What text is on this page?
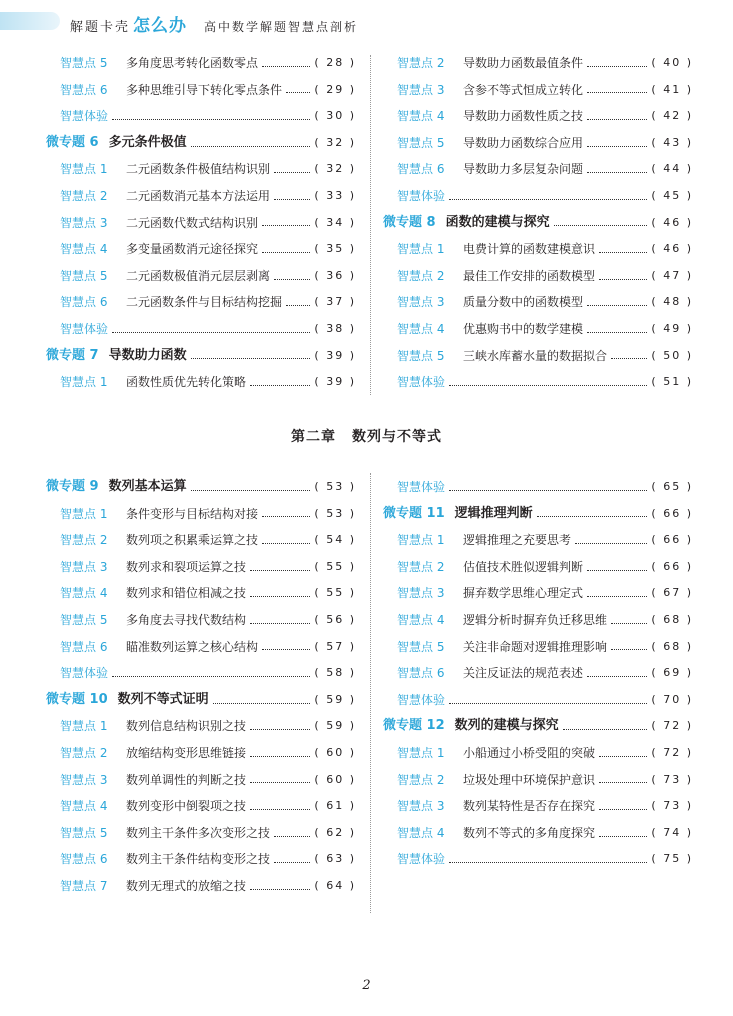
解题卡壳 怎么办 高中数学解题智慧点剖析
智慧点 5	多角度思考转化函数零点	( 28 )
智慧点 6	多种思维引导下转化零点条件	( 29 )
智慧体验	( 30 )
微专题 6 多元条件极值	( 32 )
智慧点 1	二元函数条件极值结构识别	( 32 )
智慧点 2	二元函数消元基本方法运用	( 33 )
智慧点 3	二元函数代数式结构识别	( 34 )
智慧点 4	多变量函数消元途径探究	( 35 )
智慧点 5	二元函数极值消元层层剥离	( 36 )
智慧点 6	二元函数条件与目标结构挖掘	( 37 )
智慧体验	( 38 )
微专题 7 导数助力函数	( 39 )
智慧点 1	函数性质优先转化策略	( 39 )
智慧点 2	导数助力函数最值条件	( 40 )
智慧点 3	含参不等式恒成立转化	( 41 )
智慧点 4	导数助力函数性质之技	( 42 )
智慧点 5	导数助力函数综合应用	( 43 )
智慧点 6	导数助力多层复杂问题	( 44 )
智慧体验	( 45 )
微专题 8 函数的建模与探究	( 46 )
智慧点 1	电费计算的函数建模意识	( 46 )
智慧点 2	最佳工作安排的函数模型	( 47 )
智慧点 3	质量分数中的函数模型	( 48 )
智慧点 4	优惠购书中的数学建模	( 49 )
智慧点 5	三峡水库蓄水量的数据拟合	( 50 )
智慧体验	( 51 )
第二章 数列与不等式
微专题 9 数列基本运算	( 53 )
智慧点 1	条件变形与目标结构对接	( 53 )
智慧点 2	数列项之积累乘运算之技	( 54 )
智慧点 3	数列求和裂项运算之技	( 55 )
智慧点 4	数列求和错位相减之技	( 55 )
智慧点 5	多角度去寻找代数结构	( 56 )
智慧点 6	瞄准数列运算之核心结构	( 57 )
智慧体验	( 58 )
微专题 10 数列不等式证明	( 59 )
智慧点 1	数列信息结构识别之技	( 59 )
智慧点 2	放缩结构变形思维链接	( 60 )
智慧点 3	数列单调性的判断之技	( 60 )
智慧点 4	数列变形中倒裂项之技	( 61 )
智慧点 5	数列主干条件多次变形之技	( 62 )
智慧点 6	数列主干条件结构变形之技	( 63 )
智慧点 7	数列无理式的放缩之技	( 64 )
智慧体验	( 65 )
微专题 11 逻辑推理判断	( 66 )
智慧点 1	逻辑推理之充要思考	( 66 )
智慧点 2	估值技术胜似逻辑判断	( 66 )
智慧点 3	摒弃数学思维心理定式	( 67 )
智慧点 4	逻辑分析时摒弃负迁移思维	( 68 )
智慧点 5	关注非命题对逻辑推理影响	( 68 )
智慧点 6	关注反证法的规范表述	( 69 )
智慧体验	( 70 )
微专题 12 数列的建模与探究	( 72 )
智慧点 1	小船通过小桥受阻的突破	( 72 )
智慧点 2	垃圾处理中环境保护意识	( 73 )
智慧点 3	数列某特性是否存在探究	( 73 )
智慧点 4	数列不等式的多角度探究	( 74 )
智慧体验	( 75 )
2
